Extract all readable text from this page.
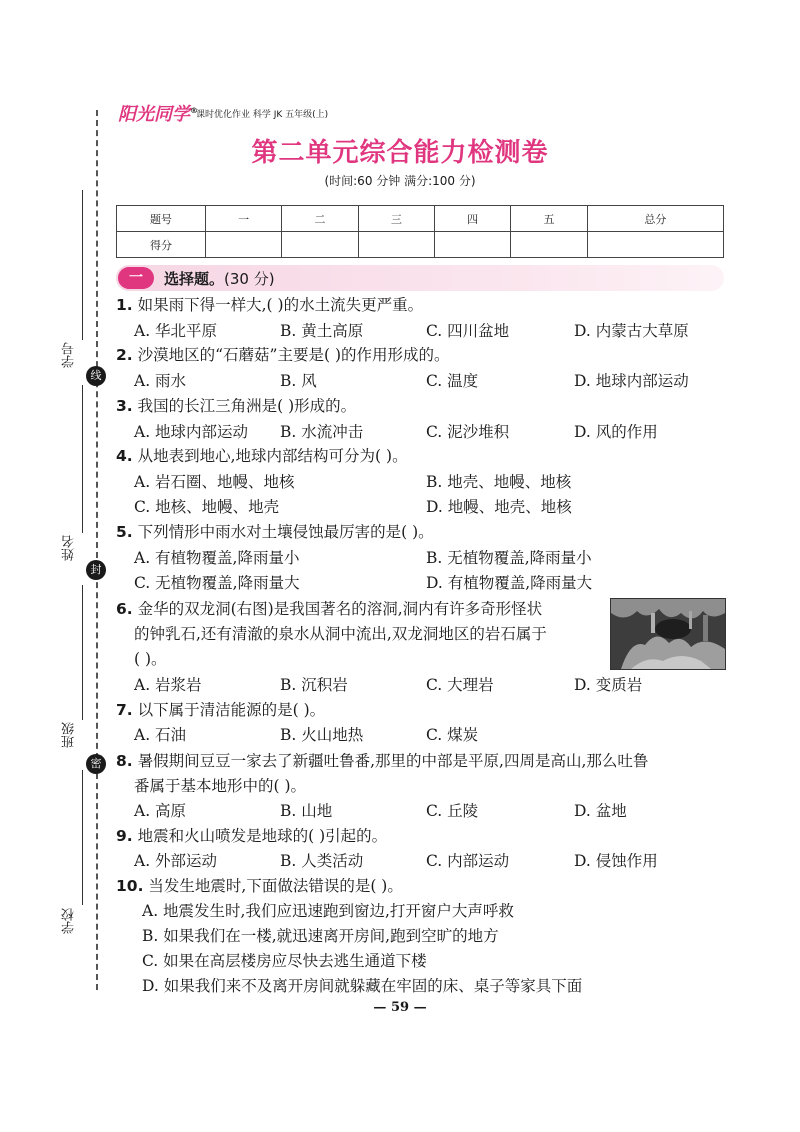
学号
姓名
班级
学校
线
封
密
阳光同学®
课时优化作业 科学 JK 五年级(上)
第二单元综合能力检测卷
(时间:60 分钟 满分:100 分)
题号	一	二	三	四	五	总分
得分						
一	选择题。(30 分)
1. 如果雨下得一样大,( )的水土流失更严重。
A. 华北平原	B. 黄土高原	C. 四川盆地	D. 内蒙古大草原
2. 沙漠地区的“石蘑菇”主要是( )的作用形成的。
A. 雨水	B. 风	C. 温度	D. 地球内部运动
3. 我国的长江三角洲是( )形成的。
A. 地球内部运动 B. 水流冲击	C. 泥沙堆积	D. 风的作用
4. 从地表到地心,地球内部结构可分为( )。
A. 岩石圈、地幔、地核	B. 地壳、地幔、地核
C. 地核、地幔、地壳	D. 地幔、地壳、地核
5. 下列情形中雨水对土壤侵蚀最厉害的是( )。
A. 有植物覆盖,降雨量小	B. 无植物覆盖,降雨量小
C. 无植物覆盖,降雨量大	D. 有植物覆盖,降雨量大
6. 金华的双龙洞(右图)是我国著名的溶洞,洞内有许多奇形怪状
的钟乳石,还有清澈的泉水从洞中流出,双龙洞地区的岩石属于
( )。
A. 岩浆岩	B. 沉积岩	C. 大理岩	D. 变质岩
7. 以下属于清洁能源的是( )。
A. 石油	B. 火山地热	C. 煤炭
8. 暑假期间豆豆一家去了新疆吐鲁番,那里的中部是平原,四周是高山,那么吐鲁
番属于基本地形中的( )。
A. 高原	B. 山地	C. 丘陵	D. 盆地
9. 地震和火山喷发是地球的( )引起的。
A. 外部运动	B. 人类活动	C. 内部运动	D. 侵蚀作用
10. 当发生地震时,下面做法错误的是( )。
A. 地震发生时,我们应迅速跑到窗边,打开窗户大声呼救
B. 如果我们在一楼,就迅速离开房间,跑到空旷的地方
C. 如果在高层楼房应尽快去逃生通道下楼
D. 如果我们来不及离开房间就躲藏在牢固的床、桌子等家具下面
— 59 —
